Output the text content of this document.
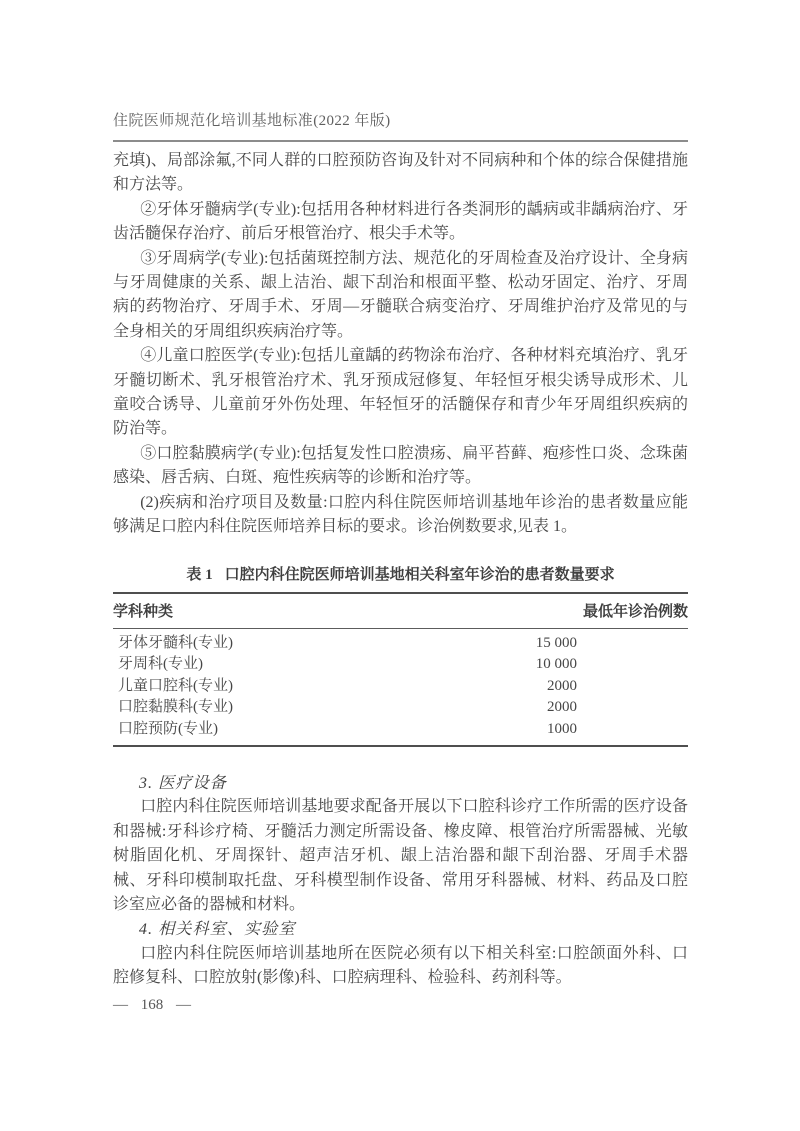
住院医师规范化培训基地标准(2022 年版)

充填)、局部涂氟,不同人群的口腔预防咨询及针对不同病种和个体的综合保健措施和方法等。

②牙体牙髓病学(专业):包括用各种材料进行各类洞形的龋病或非龋病治疗、牙齿活髓保存治疗、前后牙根管治疗、根尖手术等。

③牙周病学(专业):包括菌斑控制方法、规范化的牙周检查及治疗设计、全身病与牙周健康的关系、龈上洁治、龈下刮治和根面平整、松动牙固定、治疗、牙周病的药物治疗、牙周手术、牙周—牙髓联合病变治疗、牙周维护治疗及常见的与全身相关的牙周组织疾病治疗等。

④儿童口腔医学(专业):包括儿童龋的药物涂布治疗、各种材料充填治疗、乳牙牙髓切断术、乳牙根管治疗术、乳牙预成冠修复、年轻恒牙根尖诱导成形术、儿童咬合诱导、儿童前牙外伤处理、年轻恒牙的活髓保存和青少年牙周组织疾病的防治等。

⑤口腔黏膜病学(专业):包括复发性口腔溃疡、扁平苔藓、疱疹性口炎、念珠菌感染、唇舌病、白斑、疱性疾病等的诊断和治疗等。

(2)疾病和治疗项目及数量:口腔内科住院医师培训基地年诊治的患者数量应能够满足口腔内科住院医师培养目标的要求。诊治例数要求,见表 1。

表 1 口腔内科住院医师培训基地相关科室年诊治的患者数量要求

学科种类	最低年诊治例数
牙体牙髓科(专业)	15 000
牙周科(专业)	10 000
儿童口腔科(专业)	2000
口腔黏膜科(专业)	2000
口腔预防(专业)	1000

3. 医疗设备

口腔内科住院医师培训基地要求配备开展以下口腔科诊疗工作所需的医疗设备和器械:牙科诊疗椅、牙髓活力测定所需设备、橡皮障、根管治疗所需器械、光敏树脂固化机、牙周探针、超声洁牙机、龈上洁治器和龈下刮治器、牙周手术器械、牙科印模制取托盘、牙科模型制作设备、常用牙科器械、材料、药品及口腔诊室应必备的器械和材料。

4. 相关科室、实验室

口腔内科住院医师培训基地所在医院必须有以下相关科室:口腔颌面外科、口腔修复科、口腔放射(影像)科、口腔病理科、检验科、药剂科等。

— 168 —
